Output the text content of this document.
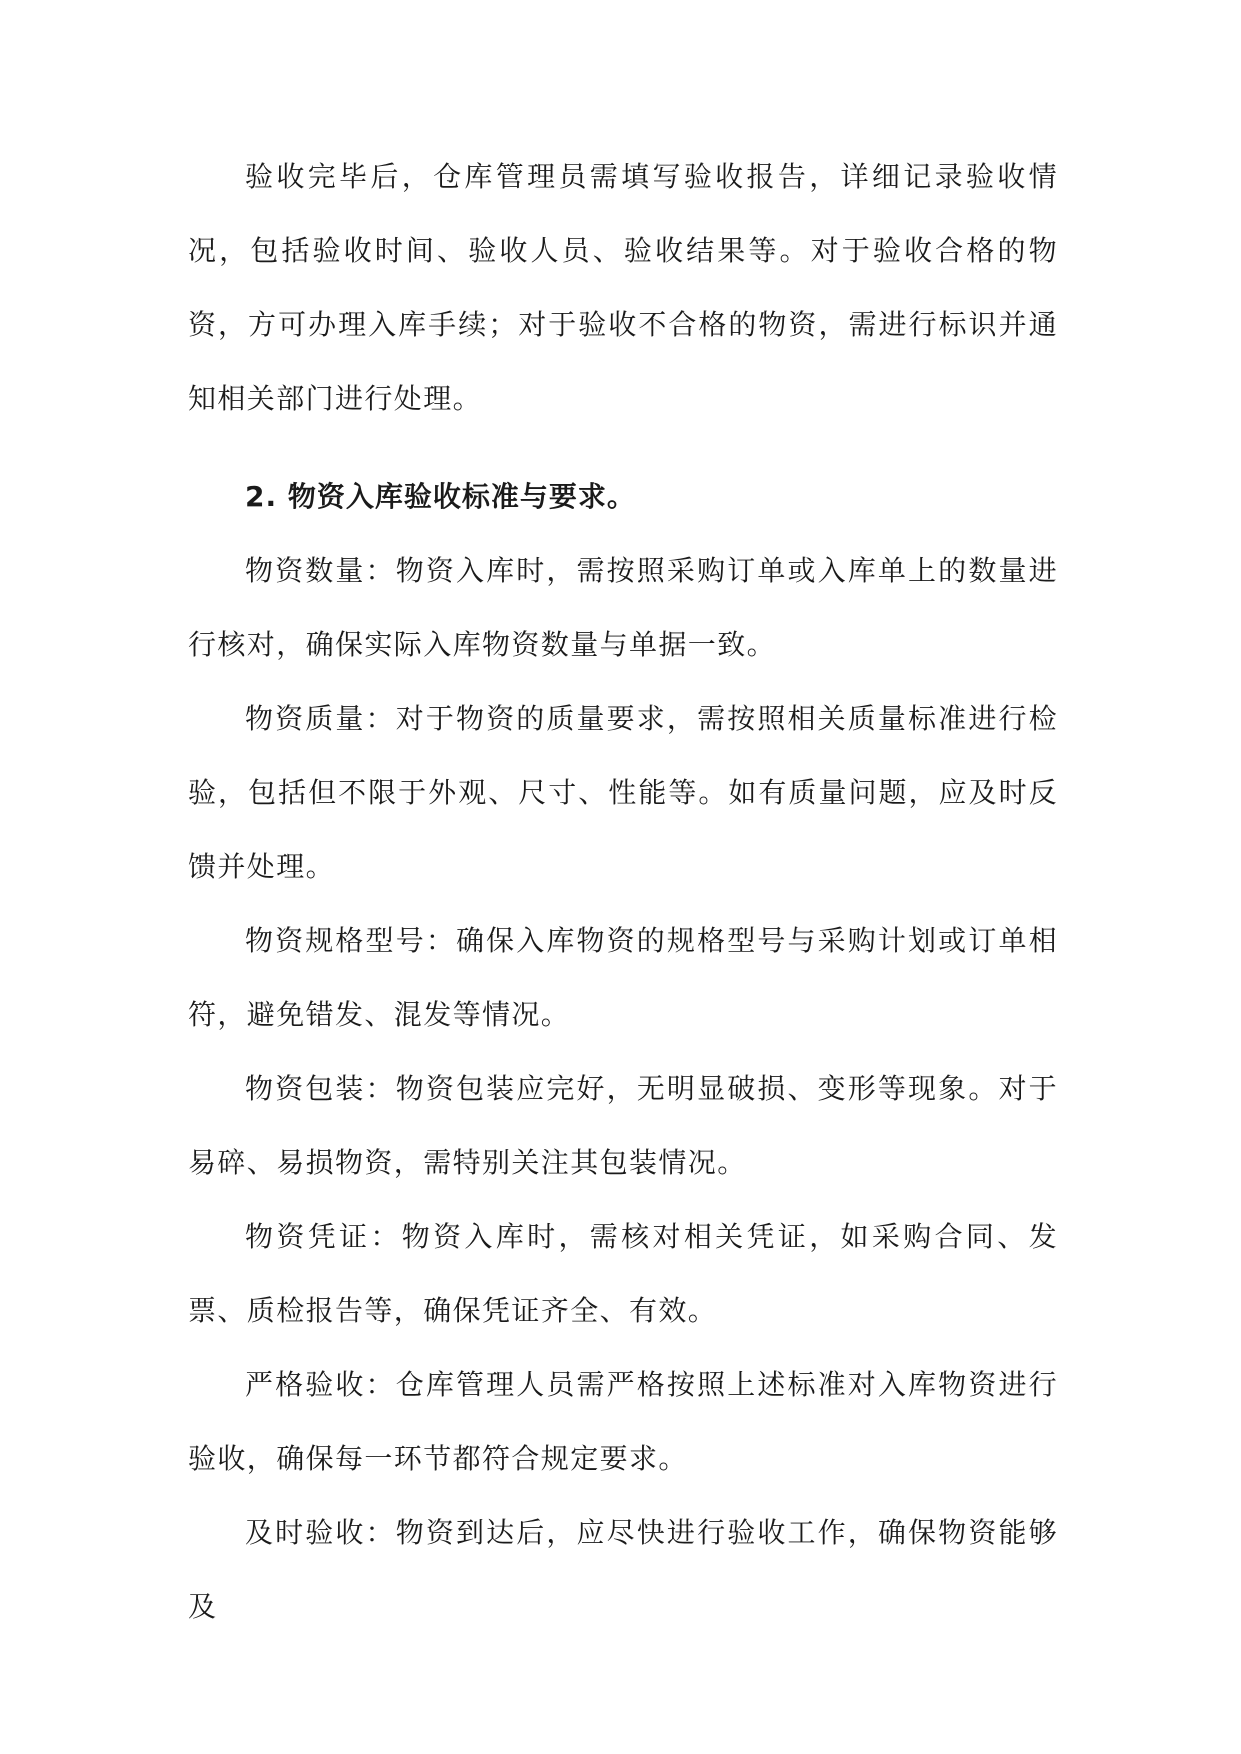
验收完毕后，仓库管理员需填写验收报告，详细记录验收情况，包括验收时间、验收人员、验收结果等。对于验收合格的物资，方可办理入库手续；对于验收不合格的物资，需进行标识并通知相关部门进行处理。

2. 物资入库验收标准与要求。

物资数量：物资入库时，需按照采购订单或入库单上的数量进行核对，确保实际入库物资数量与单据一致。

物资质量：对于物资的质量要求，需按照相关质量标准进行检验，包括但不限于外观、尺寸、性能等。如有质量问题，应及时反馈并处理。

物资规格型号：确保入库物资的规格型号与采购计划或订单相符，避免错发、混发等情况。

物资包装：物资包装应完好，无明显破损、变形等现象。对于易碎、易损物资，需特别关注其包装情况。

物资凭证：物资入库时，需核对相关凭证，如采购合同、发票、质检报告等，确保凭证齐全、有效。

严格验收：仓库管理人员需严格按照上述标准对入库物资进行验收，确保每一环节都符合规定要求。

及时验收：物资到达后，应尽快进行验收工作，确保物资能够及
